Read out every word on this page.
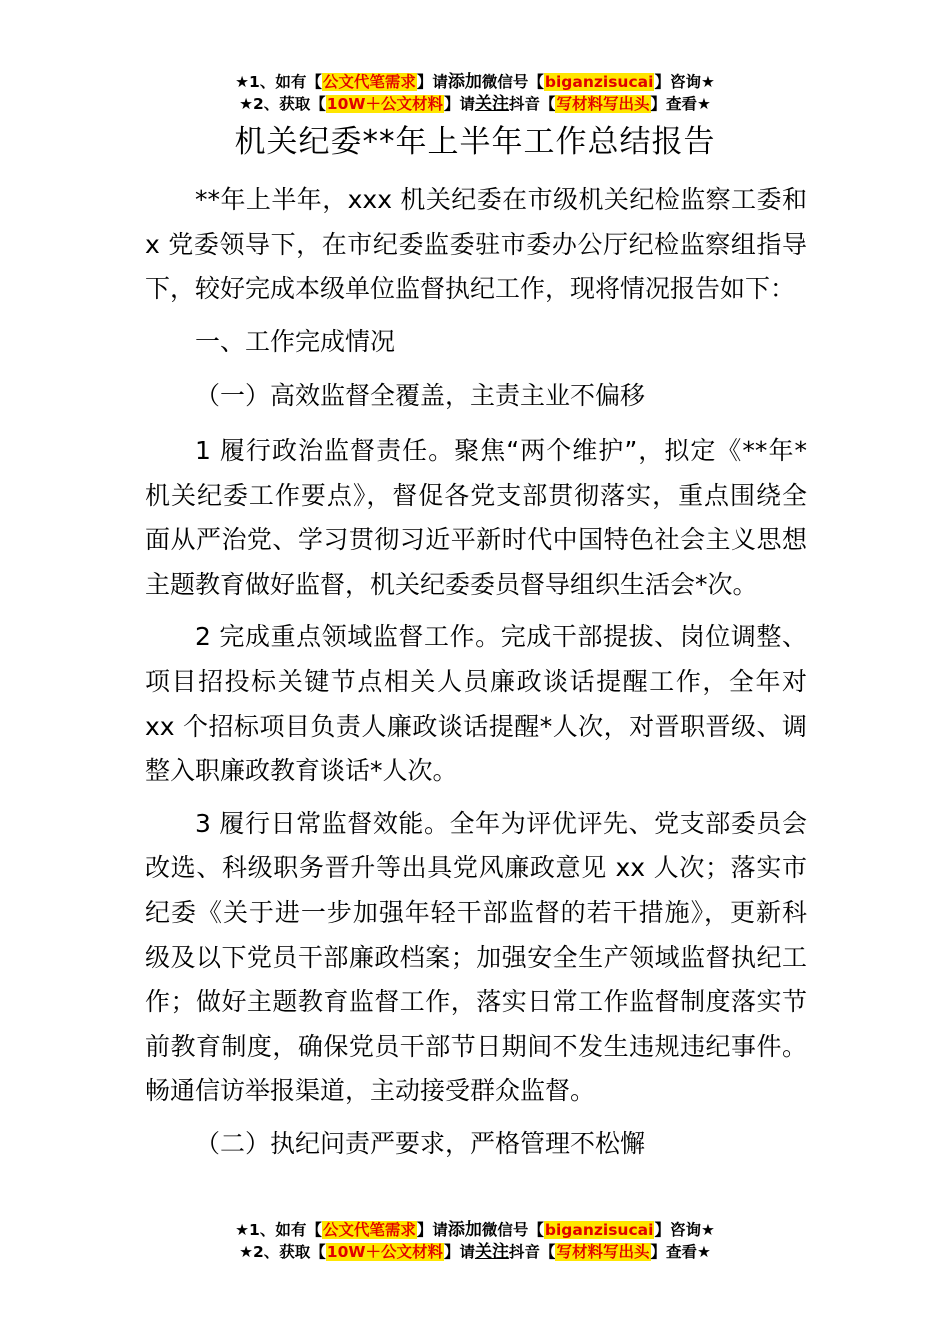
★1、如有【公文代笔需求】请添加微信号【biganzisucai】咨询★
★2、获取【10W＋公文材料】请关注抖音【写材料写出头】查看★
机关纪委**年上半年工作总结报告

**年上半年，xxx 机关纪委在市级机关纪检监察工委和 x 党委领导下，在市纪委监委驻市委办公厅纪检监察组指导下，较好完成本级单位监督执纪工作，现将情况报告如下：

一、工作完成情况

（一）高效监督全覆盖，主责主业不偏移

1 履行政治监督责任。聚焦“两个维护”，拟定《**年*机关纪委工作要点》，督促各党支部贯彻落实，重点围绕全面从严治党、学习贯彻习近平新时代中国特色社会主义思想主题教育做好监督，机关纪委委员督导组织生活会*次。

2 完成重点领域监督工作。完成干部提拔、岗位调整、项目招投标关键节点相关人员廉政谈话提醒工作，全年对 xx 个招标项目负责人廉政谈话提醒*人次，对晋职晋级、调整入职廉政教育谈话*人次。

3 履行日常监督效能。全年为评优评先、党支部委员会改选、科级职务晋升等出具党风廉政意见 xx 人次；落实市纪委《关于进一步加强年轻干部监督的若干措施》，更新科级及以下党员干部廉政档案；加强安全生产领域监督执纪工作；做好主题教育监督工作，落实日常工作监督制度落实节前教育制度，确保党员干部节日期间不发生违规违纪事件。畅通信访举报渠道，主动接受群众监督。

（二）执纪问责严要求，严格管理不松懈

★1、如有【公文代笔需求】请添加微信号【biganzisucai】咨询★
★2、获取【10W＋公文材料】请关注抖音【写材料写出头】查看★
